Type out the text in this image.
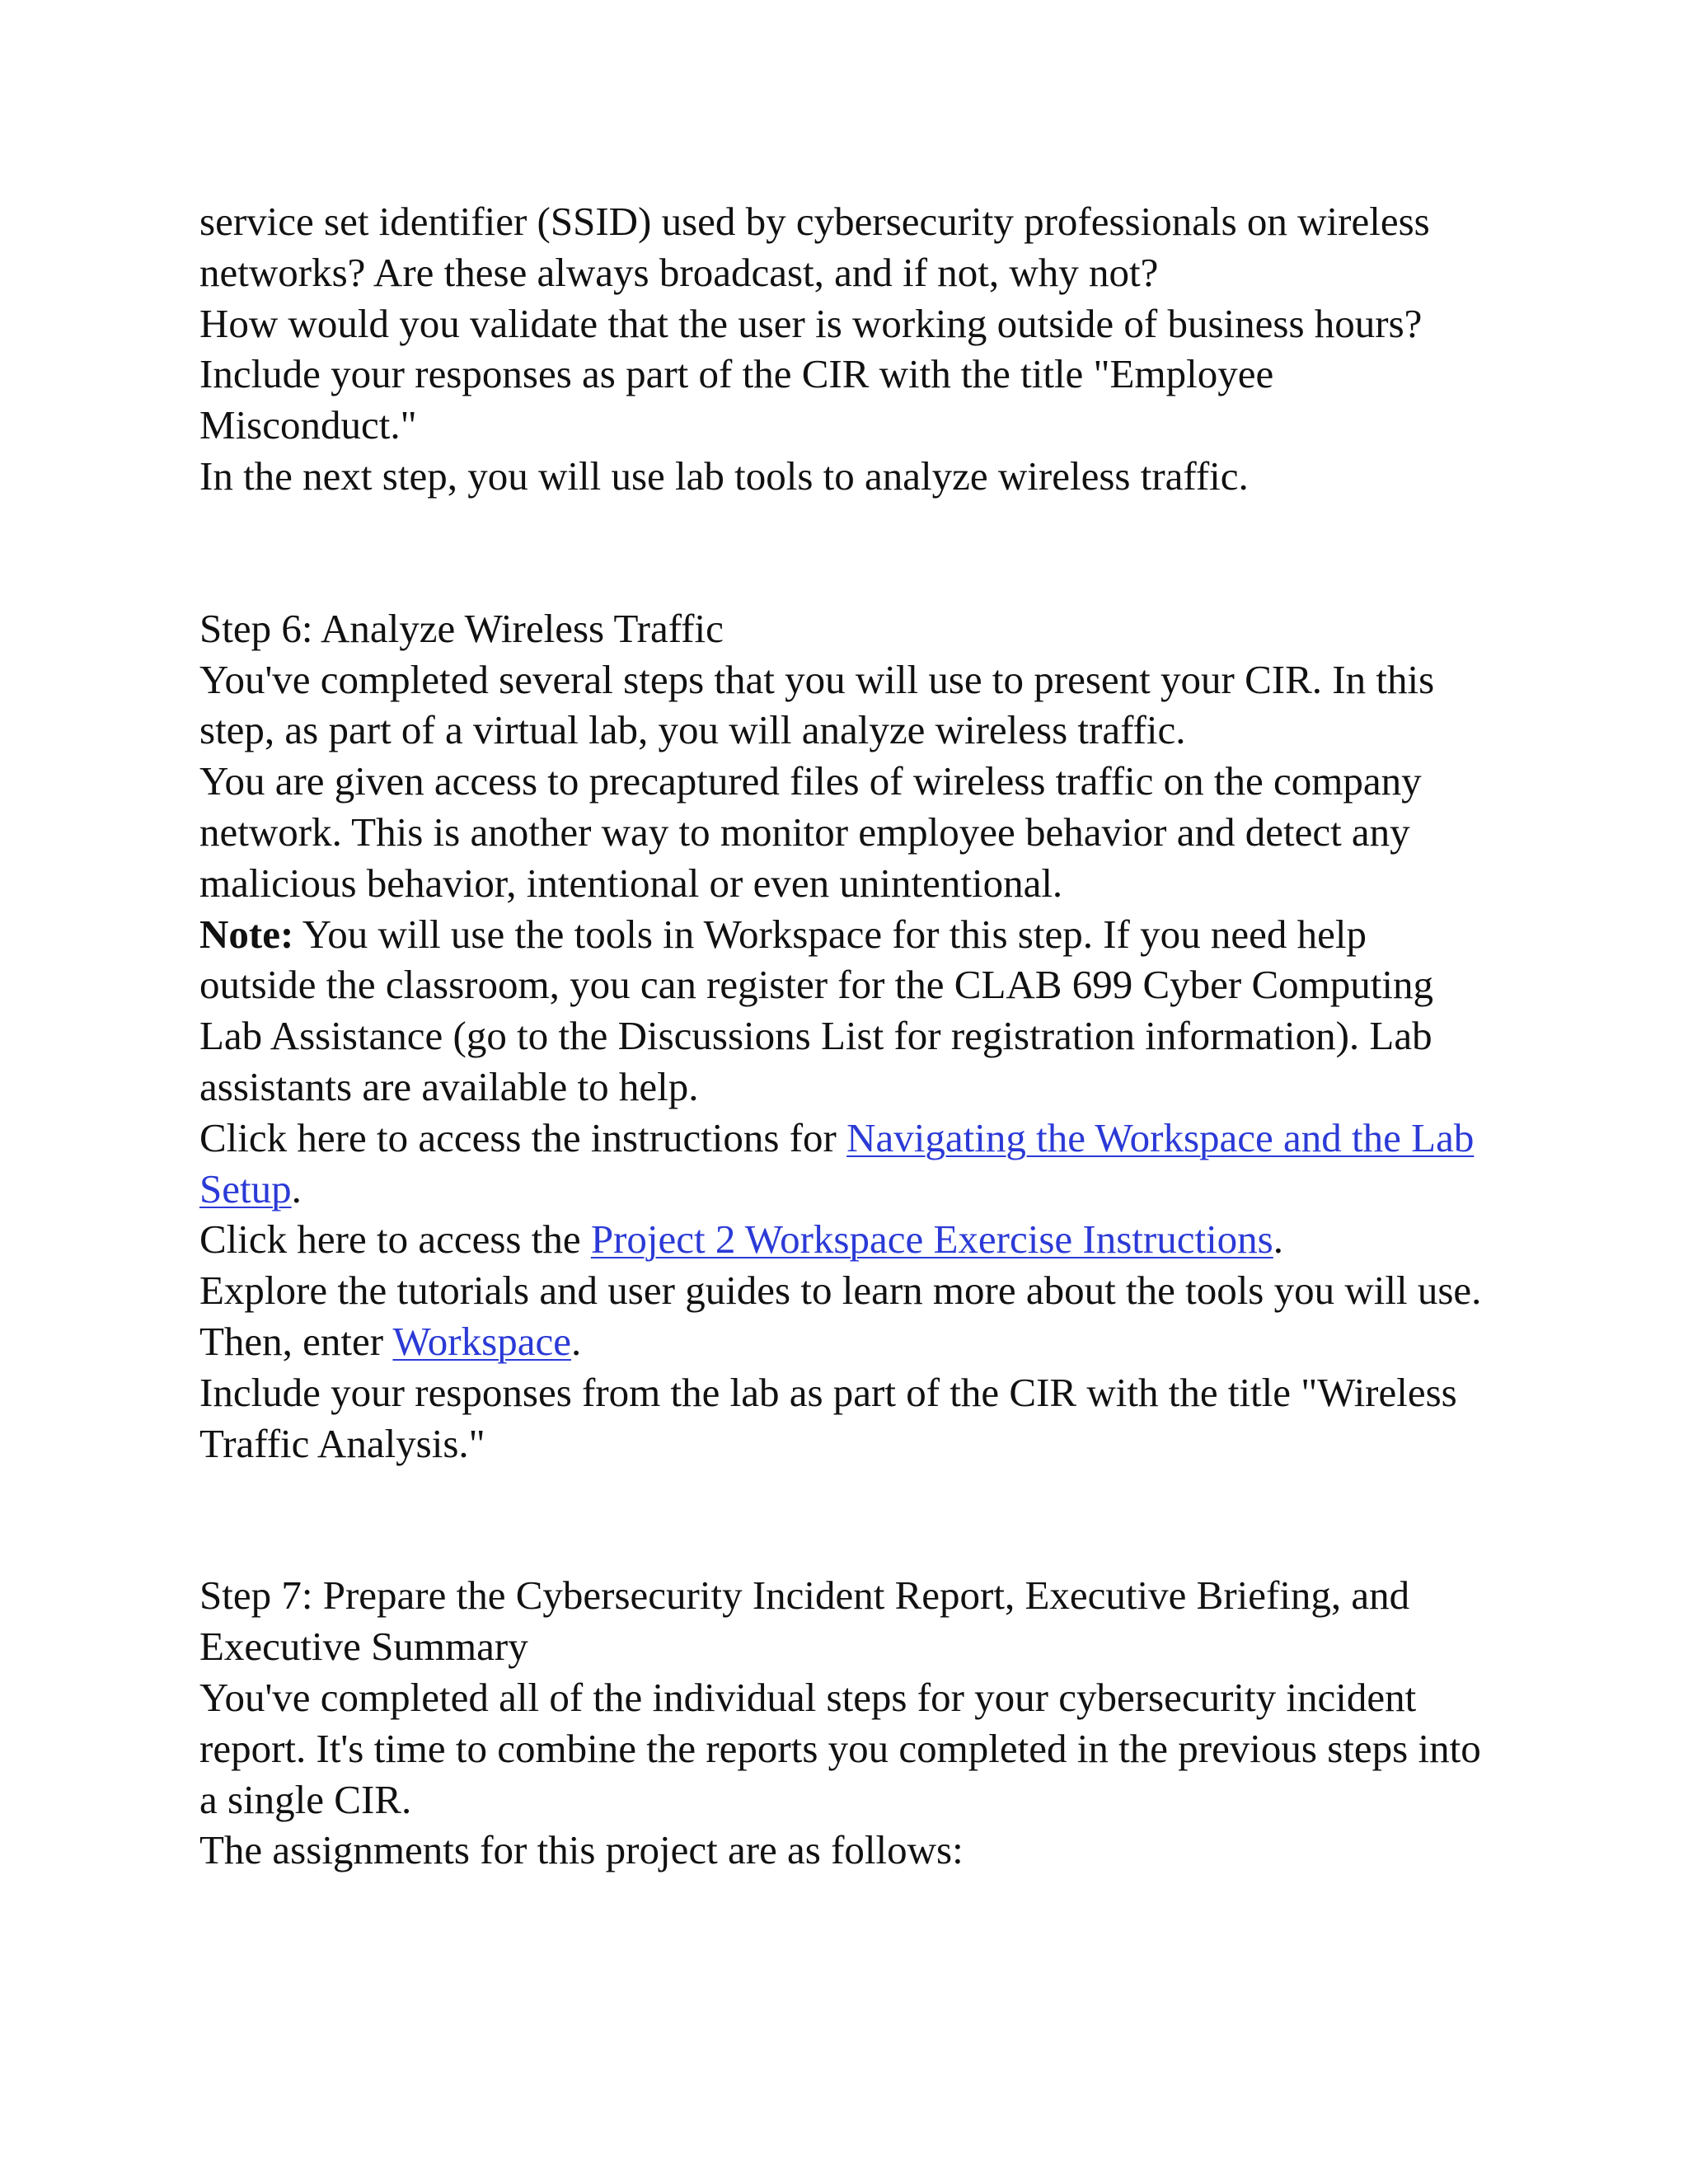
service set identifier (SSID) used by cybersecurity professionals on wireless networks? Are these always broadcast, and if not, why not?

How would you validate that the user is working outside of business hours?

Include your responses as part of the CIR with the title "Employee Misconduct."

In the next step, you will use lab tools to analyze wireless traffic.

Step 6: Analyze Wireless Traffic

You've completed several steps that you will use to present your CIR. In this step, as part of a virtual lab, you will analyze wireless traffic.

You are given access to precaptured files of wireless traffic on the company network. This is another way to monitor employee behavior and detect any malicious behavior, intentional or even unintentional.

Note: You will use the tools in Workspace for this step. If you need help outside the classroom, you can register for the CLAB 699 Cyber Computing Lab Assistance (go to the Discussions List for registration information). Lab assistants are available to help.

Click here to access the instructions for Navigating the Workspace and the Lab Setup.

Click here to access the Project 2 Workspace Exercise Instructions.

Explore the tutorials and user guides to learn more about the tools you will use. Then, enter Workspace.

Include your responses from the lab as part of the CIR with the title "Wireless Traffic Analysis."

Step 7: Prepare the Cybersecurity Incident Report, Executive Briefing, and Executive Summary

You've completed all of the individual steps for your cybersecurity incident report. It's time to combine the reports you completed in the previous steps into a single CIR.

The assignments for this project are as follows:
